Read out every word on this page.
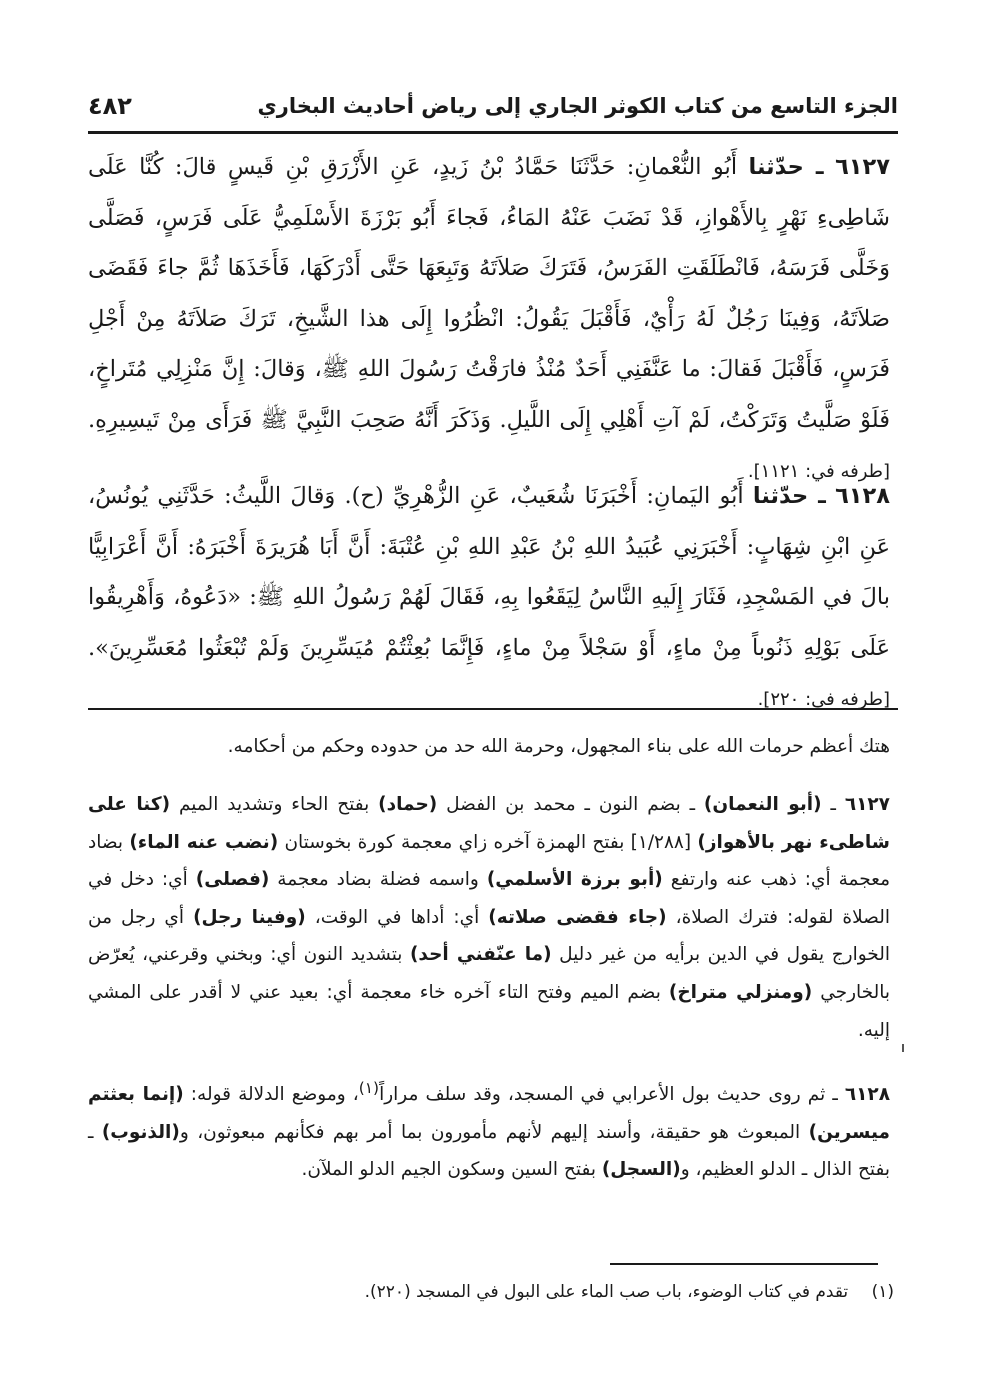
الجزء التاسع من كتاب الكوثر الجاري إلى رياض أحاديث البخاري
٤٨٢
٦١٢٧ ـ حدّثنا أَبُو النُّعْمانِ: حَدَّثَنَا حَمَّادُ بْنُ زَيدٍ، عَنِ الأَزْرَقِ بْنِ قَيسٍ قالَ: كُنَّا عَلَى شَاطِىءِ نَهْرٍ بِالأَهْوازِ، قَدْ نَضَبَ عَنْهُ المَاءُ، فَجاءَ أَبُو بَرْزَةَ الأَسْلَمِيُّ عَلَى فَرَسٍ، فَصَلَّى وَخَلَّى فَرَسَهُ، فَانْطَلَقَتِ الفَرَسُ، فَتَرَكَ صَلاَتَهُ وَتَبِعَهَا حَتَّى أَدْرَكَهَا، فَأَخَذَهَا ثُمَّ جاءَ فَقَضَى صَلاَتَهُ، وَفِينَا رَجُلٌ لَهُ رَأْيٌ، فَأَقْبَلَ يَقُولُ: انْظُرُوا إِلَى هذا الشَّيخِ، تَرَكَ صَلاَتَهُ مِنْ أَجْلِ فَرَسٍ، فَأَقْبَلَ فَقالَ: ما عَنَّفَنِي أَحَدٌ مُنْذُ فارَقْتُ رَسُولَ اللهِ ﷺ، وَقالَ: إِنَّ مَنْزِلِي مُتَراخٍ، فَلَوْ صَلَّيتُ وَتَرَكْتُ، لَمْ آتِ أَهْلِي إِلَى اللَّيلِ. وَذَكَرَ أَنَّهُ صَحِبَ النَّبِيَّ ﷺ فَرَأَى مِنْ تَيسِيرِهِ. [طرفه في: ١١٢١].
٦١٢٨ ـ حدّثنا أَبُو اليَمانِ: أَخْبَرَنَا شُعَيبٌ، عَنِ الزُّهْرِيِّ (ح). وَقالَ اللَّيثُ: حَدَّثَنِي يُونُسُ، عَنِ ابْنِ شِهَابٍ: أَخْبَرَنِي عُبَيدُ اللهِ بْنُ عَبْدِ اللهِ بْنِ عُتْبَةَ: أَنَّ أَبَا هُرَيرَةَ أَخْبَرَهُ: أَنَّ أَعْرَابِيًّا بالَ في المَسْجِدِ، فَثَارَ إِلَيهِ النَّاسُ لِيَقَعُوا بِهِ، فَقَالَ لَهُمْ رَسُولُ اللهِ ﷺ: «دَعُوهُ، وَأَهْرِيقُوا عَلَى بَوْلِهِ ذَنُوباً مِنْ ماءٍ، أَوْ سَجْلاً مِنْ ماءٍ، فَإِنَّمَا بُعِثْتُمْ مُيَسِّرِينَ وَلَمْ تُبْعَثُوا مُعَسِّرِينَ». [طرفه في: ٢٢٠].
هتك أعظم حرمات الله على بناء المجهول، وحرمة الله حد من حدوده وحكم من أحكامه.
٦١٢٧ ـ (أبو النعمان) ـ بضم النون ـ محمد بن الفضل (حماد) بفتح الحاء وتشديد الميم (كنا على شاطىء نهر بالأهواز) [١/٢٨٨] بفتح الهمزة آخره زاي معجمة كورة بخوستان (نضب عنه الماء) بضاد معجمة أي: ذهب عنه وارتفع (أبو برزة الأسلمي) واسمه فضلة بضاد معجمة (فصلى) أي: دخل في الصلاة لقوله: فترك الصلاة، (جاء فقضى صلاته) أي: أداها في الوقت، (وفينا رجل) أي رجل من الخوارج يقول في الدين برأيه من غير دليل (ما عنّفني أحد) بتشديد النون أي: وبخني وقرعني، يُعرّض بالخارجي (ومنزلي متراخ) بضم الميم وفتح التاء آخره خاء معجمة أي: بعيد عني لا أقدر على المشي إليه.
٦١٢٨ ـ ثم روى حديث بول الأعرابي في المسجد، وقد سلف مراراً$^{(١)}$، وموضع الدلالة قوله: (إنما بعثتم ميسرين) المبعوث هو حقيقة، وأسند إليهم لأنهم مأمورون بما أمر بهم فكأنهم مبعوثون، و(الذنوب) ـ بفتح الذال ـ الدلو العظيم، و(السجل) بفتح السين وسكون الجيم الدلو الملآن.
(١) تقدم في كتاب الوضوء، باب صب الماء على البول في المسجد (٢٢٠).
